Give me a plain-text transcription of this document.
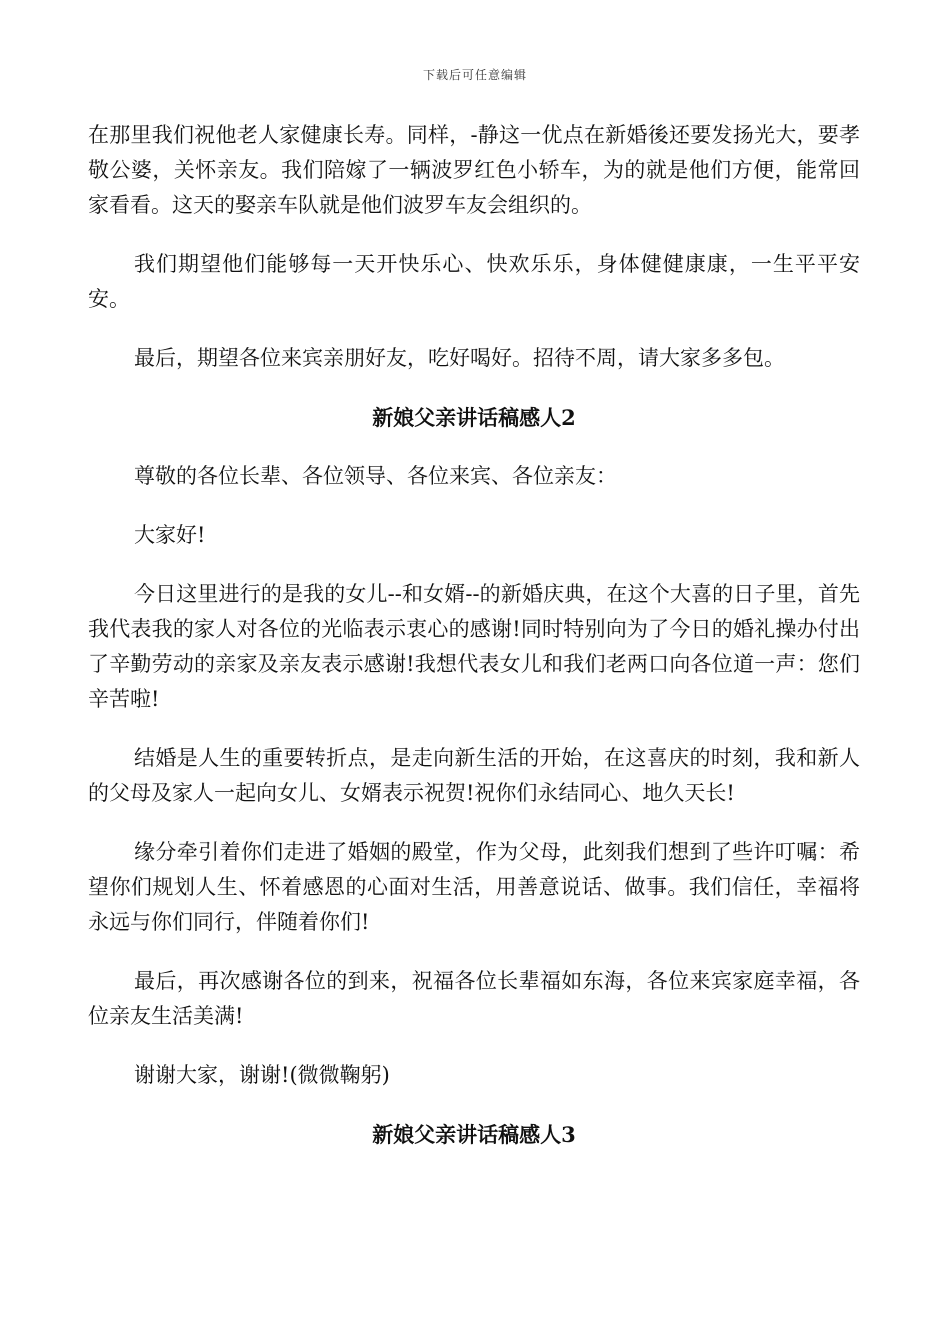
下载后可任意编辑

在那里我们祝他老人家健康长寿。同样，-静这一优点在新婚後还要发扬光大，要孝敬公婆，关怀亲友。我们陪嫁了一辆波罗红色小轿车，为的就是他们方便，能常回家看看。这天的娶亲车队就是他们波罗车友会组织的。

我们期望他们能够每一天开快乐心、快欢乐乐，身体健健康康，一生平平安安。

最后，期望各位来宾亲朋好友，吃好喝好。招待不周，请大家多多包。

新娘父亲讲话稿感人2

尊敬的各位长辈、各位领导、各位来宾、各位亲友：

大家好!

今日这里进行的是我的女儿--和女婿--的新婚庆典，在这个大喜的日子里，首先我代表我的家人对各位的光临表示衷心的感谢!同时特别向为了今日的婚礼操办付出了辛勤劳动的亲家及亲友表示感谢!我想代表女儿和我们老两口向各位道一声：您们辛苦啦!

结婚是人生的重要转折点，是走向新生活的开始，在这喜庆的时刻，我和新人的父母及家人一起向女儿、女婿表示祝贺!祝你们永结同心、地久天长!

缘分牵引着你们走进了婚姻的殿堂，作为父母，此刻我们想到了些许叮嘱：希望你们规划人生、怀着感恩的心面对生活，用善意说话、做事。我们信任，幸福将永远与你们同行，伴随着你们!

最后，再次感谢各位的到来，祝福各位长辈福如东海，各位来宾家庭幸福，各位亲友生活美满!

谢谢大家，谢谢!(微微鞠躬)

新娘父亲讲话稿感人3
